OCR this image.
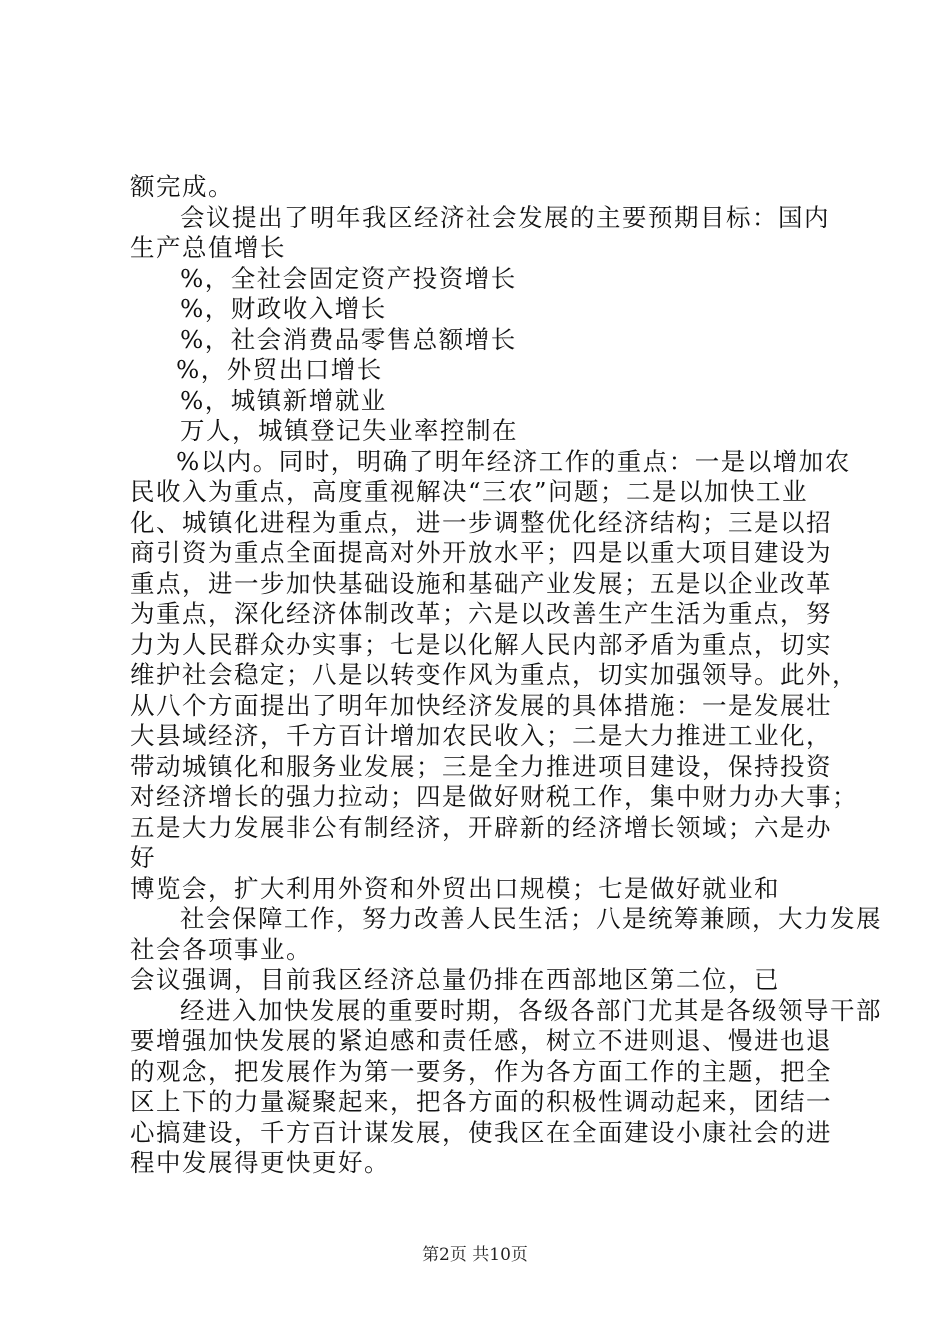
额完成。
会议提出了明年我区经济社会发展的主要预期目标：国内
生产总值增长
%，全社会固定资产投资增长
%，财政收入增长
%，社会消费品零售总额增长
%，外贸出口增长
%，城镇新增就业
万人，城镇登记失业率控制在
%以内。同时，明确了明年经济工作的重点：一是以增加农
民收入为重点，高度重视解决“三农”问题；二是以加快工业
化、城镇化进程为重点，进一步调整优化经济结构；三是以招
商引资为重点全面提高对外开放水平；四是以重大项目建设为
重点，进一步加快基础设施和基础产业发展；五是以企业改革
为重点，深化经济体制改革；六是以改善生产生活为重点，努
力为人民群众办实事；七是以化解人民内部矛盾为重点，切实
维护社会稳定；八是以转变作风为重点，切实加强领导。此外，
从八个方面提出了明年加快经济发展的具体措施：一是发展壮
大县域经济，千方百计增加农民收入；二是大力推进工业化，
带动城镇化和服务业发展；三是全力推进项目建设，保持投资
对经济增长的强力拉动；四是做好财税工作，集中财力办大事；
五是大力发展非公有制经济，开辟新的经济增长领域；六是办
好
博览会，扩大利用外资和外贸出口规模；七是做好就业和
社会保障工作，努力改善人民生活；八是统筹兼顾，大力发展
社会各项事业。
会议强调，目前我区经济总量仍排在西部地区第二位，已
经进入加快发展的重要时期，各级各部门尤其是各级领导干部
要增强加快发展的紧迫感和责任感，树立不进则退、慢进也退
的观念，把发展作为第一要务，作为各方面工作的主题，把全
区上下的力量凝聚起来，把各方面的积极性调动起来，团结一
心搞建设，千方百计谋发展，使我区在全面建设小康社会的进
程中发展得更快更好。
第2页 共10页
